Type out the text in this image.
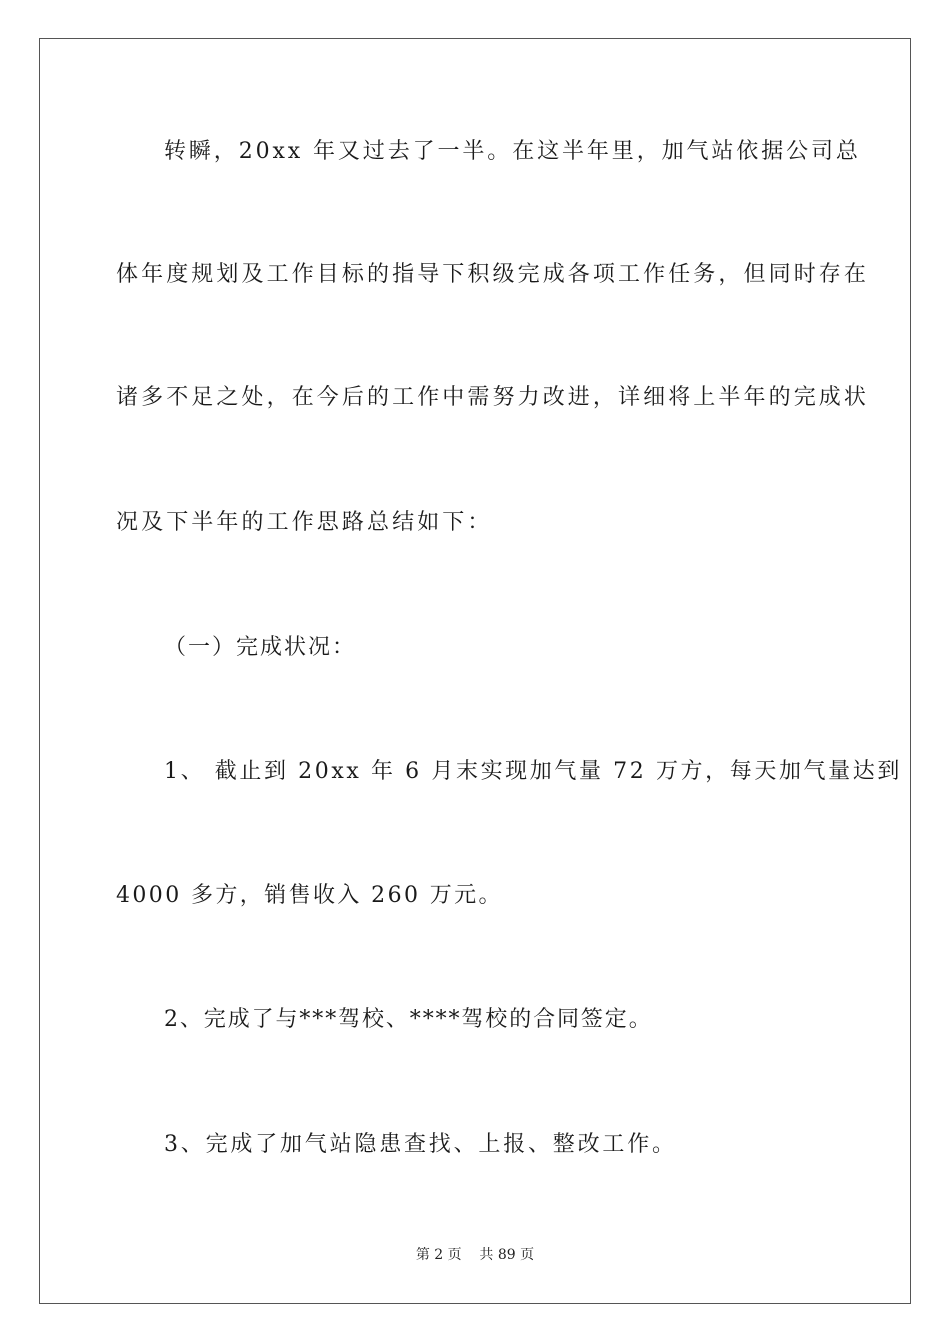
转瞬，20xx 年又过去了一半。在这半年里，加气站依据公司总
体年度规划及工作目标的指导下积级完成各项工作任务，但同时存在
诸多不足之处，在今后的工作中需努力改进，详细将上半年的完成状
况及下半年的工作思路总结如下：
（一）完成状况：
1、 截止到 20xx 年 6 月末实现加气量 72 万方，每天加气量达到
4000 多方，销售收入 260 万元。
2、完成了与***驾校、****驾校的合同签定。
3、完成了加气站隐患查找、上报、整改工作。
第 2 页    共 89 页
